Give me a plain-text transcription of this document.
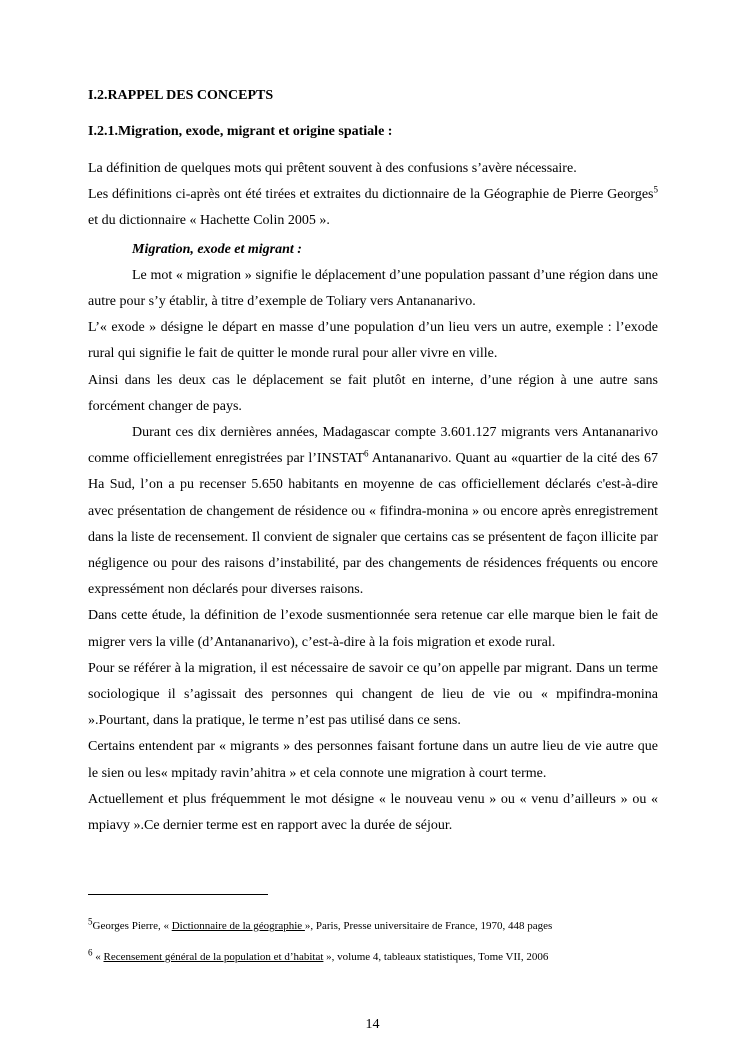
I.2.RAPPEL DES CONCEPTS
I.2.1.Migration, exode, migrant et origine spatiale :

La définition de quelques mots qui prêtent souvent à des confusions s’avère nécessaire.

Les définitions ci-après ont été tirées et extraites du dictionnaire de la Géographie de Pierre Georges$^5$ et du dictionnaire « Hachette Colin 2005 ».

Migration, exode et migrant :

Le mot « migration » signifie le déplacement d’une population passant d’une région dans une autre pour s’y établir, à titre d’exemple de Toliary vers Antananarivo.

L’« exode » désigne le départ en masse d’une population d’un lieu vers un autre, exemple : l’exode rural qui signifie le fait de quitter le monde rural pour aller vivre en ville.

Ainsi dans les deux cas le déplacement se fait plutôt en interne, d’une région à une autre sans forcément changer de pays.

Durant ces dix dernières années, Madagascar compte 3.601.127 migrants vers Antananarivo comme officiellement enregistrées par l’INSTAT$^6$ Antananarivo. Quant au «quartier de la cité des 67 Ha Sud, l’on a pu recenser 5.650 habitants en moyenne de cas officiellement déclarés c'est-à-dire avec présentation de changement de résidence ou « fifindra-monina » ou encore après enregistrement dans la liste de recensement. Il convient de signaler que certains cas se présentent de façon illicite par négligence ou pour des raisons d’instabilité, par des changements de résidences fréquents ou encore expressément non déclarés pour diverses raisons.

Dans cette étude, la définition de l’exode susmentionnée sera retenue car elle marque bien le fait de migrer vers la ville (d’Antananarivo), c’est-à-dire à la fois migration et exode rural.

Pour se référer à la migration, il est nécessaire de savoir ce qu’on appelle par migrant. Dans un terme sociologique il s’agissait des personnes qui changent de lieu de vie ou « mpifindra-monina ».Pourtant, dans la pratique, le terme n’est pas utilisé dans ce sens.

Certains entendent par « migrants » des personnes faisant fortune dans un autre lieu de vie autre que le sien ou les« mpitady ravin’ahitra » et cela connote une migration à court terme.

Actuellement et plus fréquemment le mot désigne « le nouveau venu » ou « venu d’ailleurs » ou « mpiavy ».Ce dernier terme est en rapport avec la durée de séjour.

$^5$Georges Pierre, « Dictionnaire de la géographie », Paris, Presse universitaire de France, 1970, 448 pages
$^6$ « Recensement général de la population et d’habitat », volume 4, tableaux statistiques, Tome VII, 2006
14
